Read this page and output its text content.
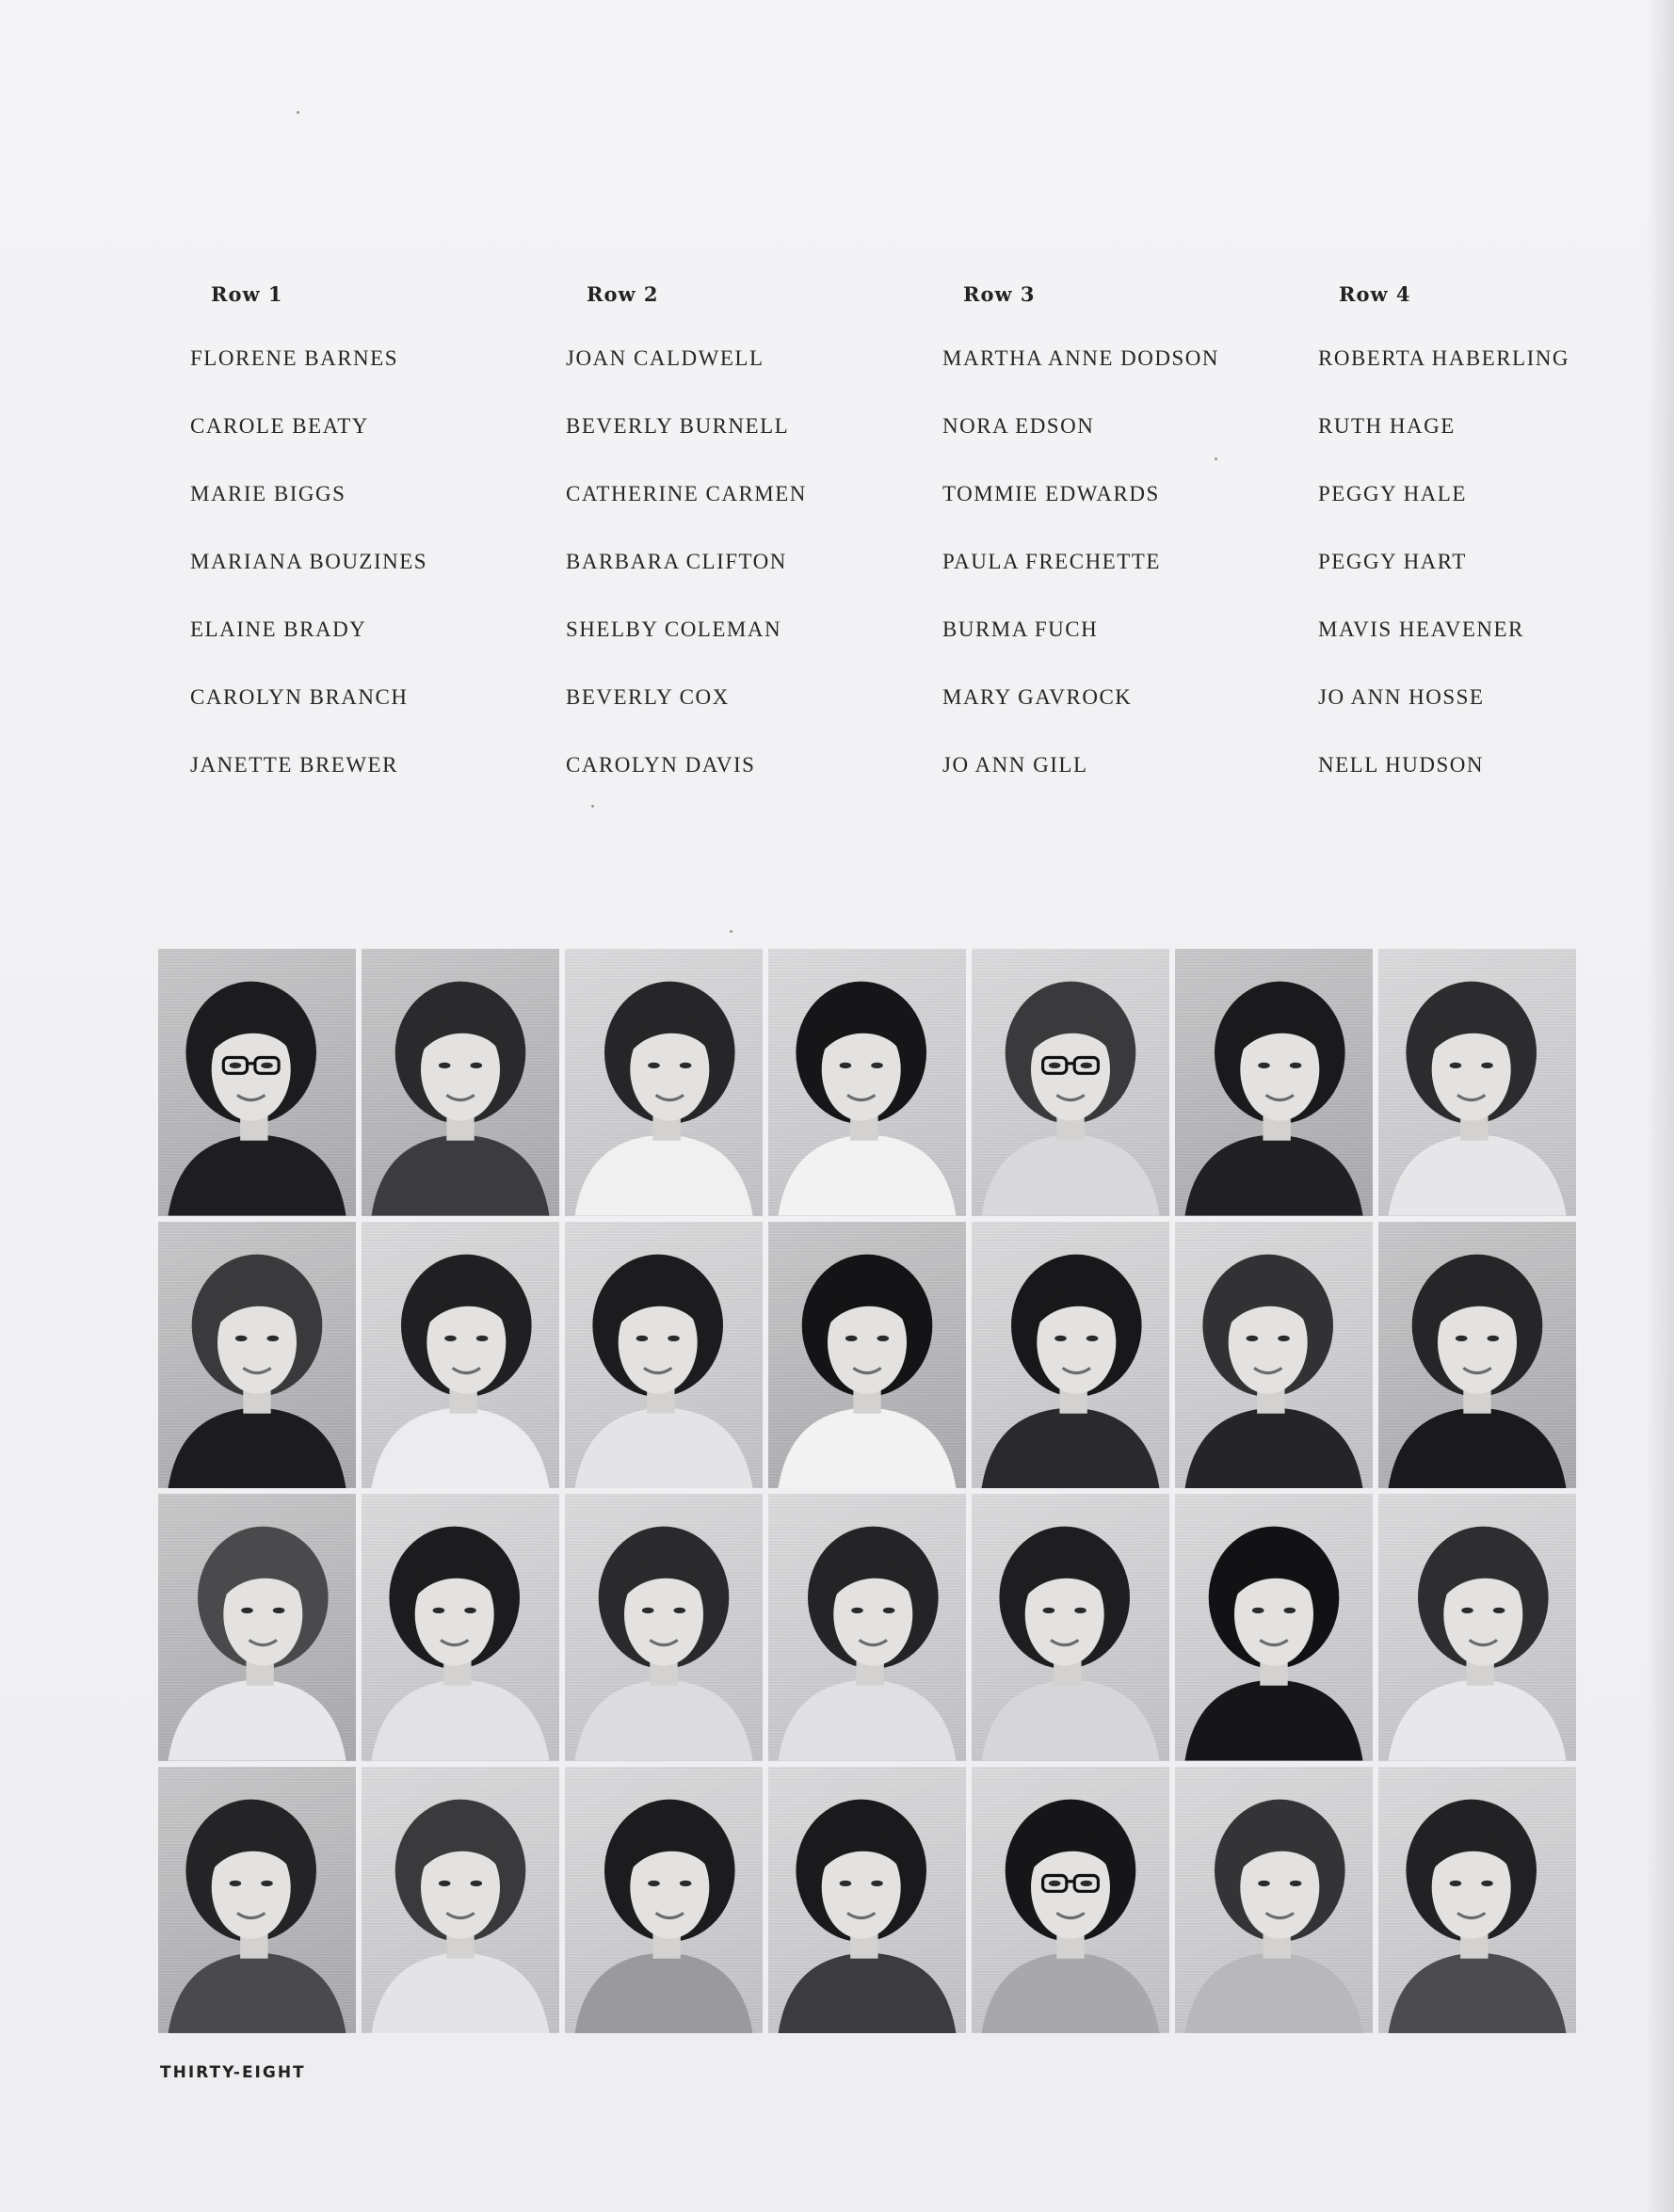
Row 1
FLORENE BARNES
CAROLE BEATY
MARIE BIGGS
MARIANA BOUZINES
ELAINE BRADY
CAROLYN BRANCH
JANETTE BREWER
Row 2
JOAN CALDWELL
BEVERLY BURNELL
CATHERINE CARMEN
BARBARA CLIFTON
SHELBY COLEMAN
BEVERLY COX
CAROLYN DAVIS
Row 3
MARTHA ANNE DODSON
NORA EDSON
TOMMIE EDWARDS
PAULA FRECHETTE
BURMA FUCH
MARY GAVROCK
JO ANN GILL
Row 4
ROBERTA HABERLING
RUTH HAGE
PEGGY HALE
PEGGY HART
MAVIS HEAVENER
JO ANN HOSSE
NELL HUDSON
THIRTY-EIGHT
